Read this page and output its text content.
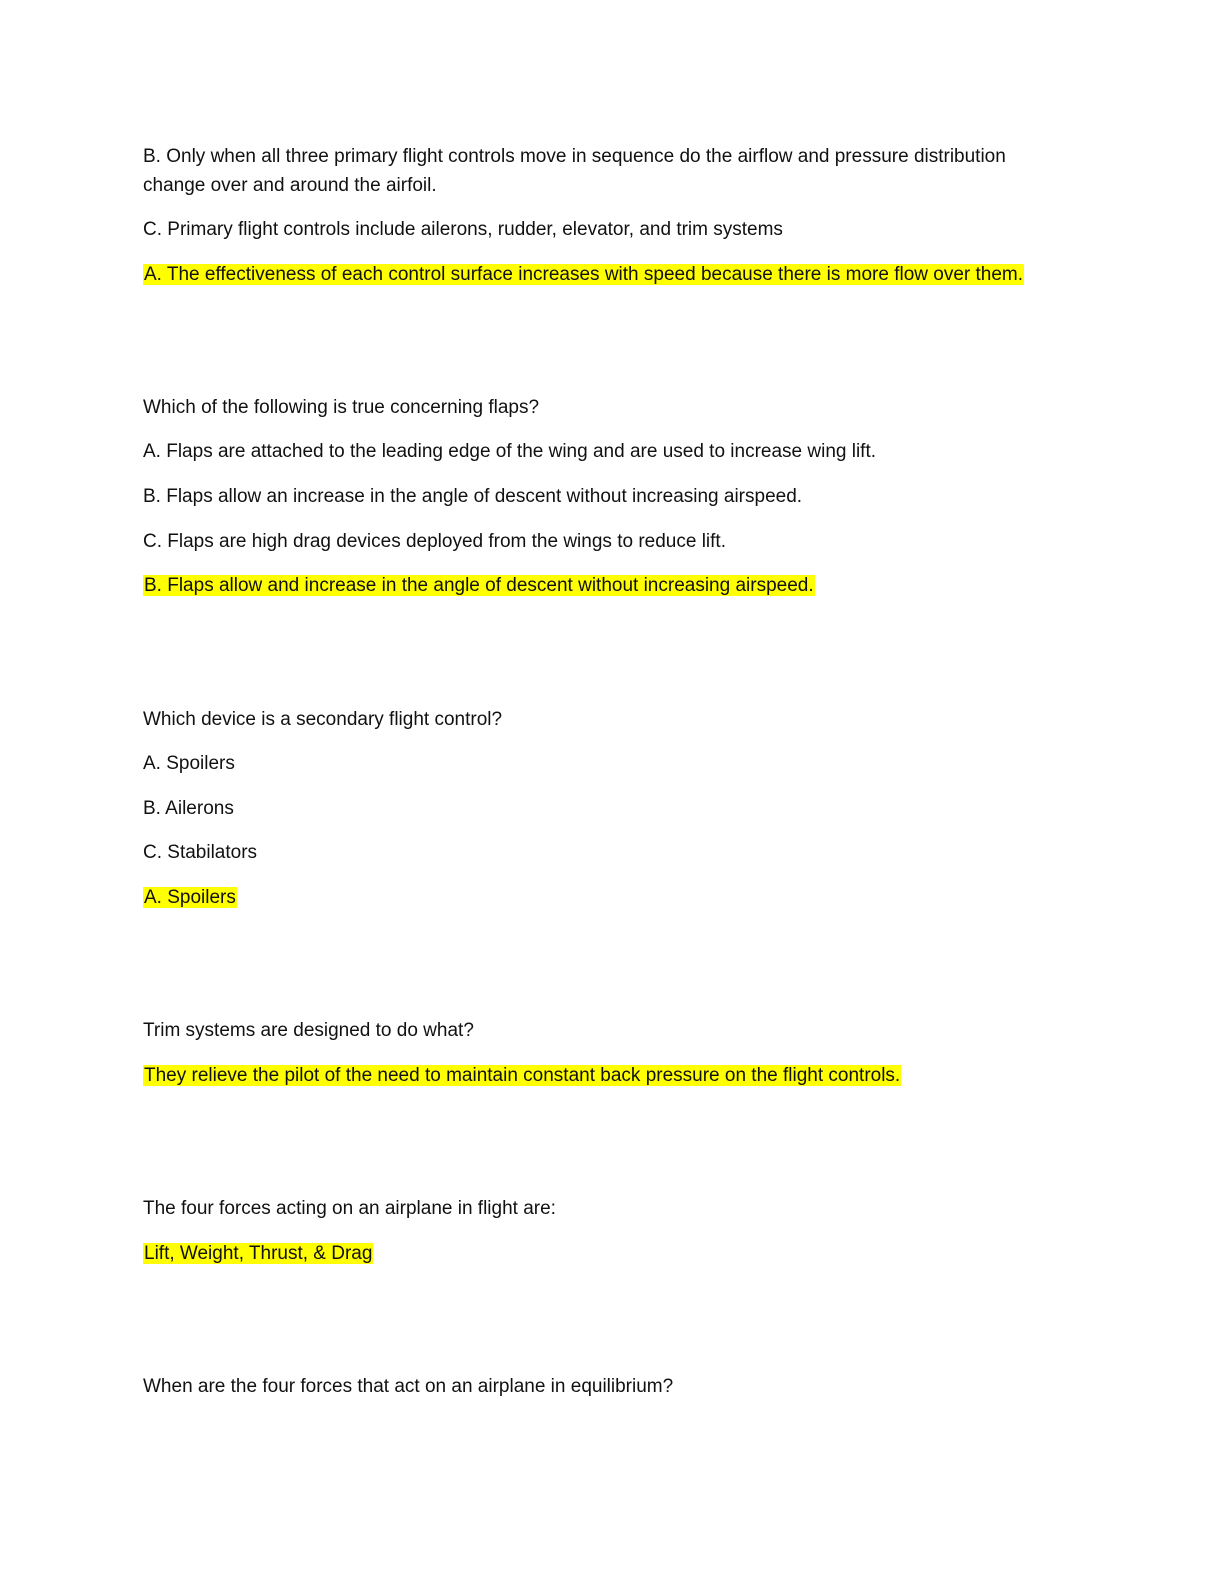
B. Only when all three primary flight controls move in sequence do the airflow and pressure distribution
change over and around the airfoil.
C. Primary flight controls include ailerons, rudder, elevator, and trim systems
A. The effectiveness of each control surface increases with speed because there is more flow over them.
Which of the following is true concerning flaps?
A. Flaps are attached to the leading edge of the wing and are used to increase wing lift.
B. Flaps allow an increase in the angle of descent without increasing airspeed.
C. Flaps are high drag devices deployed from the wings to reduce lift.
B. Flaps allow and increase in the angle of descent without increasing airspeed.
Which device is a secondary flight control?
A. Spoilers
B. Ailerons
C. Stabilators
A. Spoilers
Trim systems are designed to do what?
They relieve the pilot of the need to maintain constant back pressure on the flight controls.
The four forces acting on an airplane in flight are:
Lift, Weight, Thrust, & Drag
When are the four forces that act on an airplane in equilibrium?
